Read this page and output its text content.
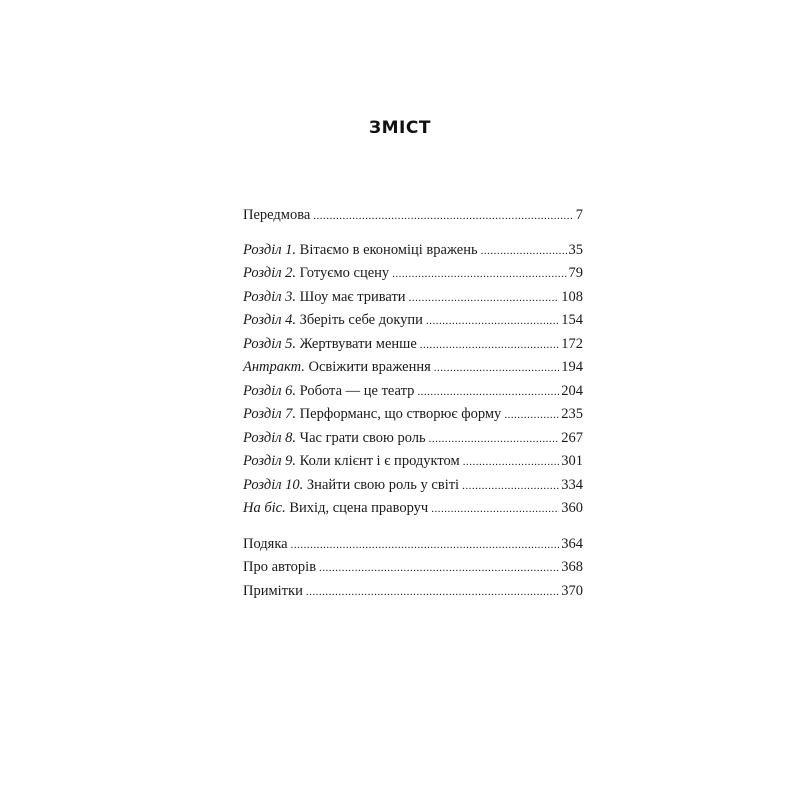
ЗМІСТ
Передмова .....	7
Розділ 1. Вітаємо в економіці вражень .....	35
Розділ 2. Готуємо сцену .....	79
Розділ 3. Шоу має тривати .....	108
Розділ 4. Зберіть себе докупи .....	154
Розділ 5. Жертвувати менше .....	172
Антракт. Освіжити враження .....	194
Розділ 6. Робота — це театр .....	204
Розділ 7. Перформанс, що створює форму .....	235
Розділ 8. Час грати свою роль .....	267
Розділ 9. Коли клієнт і є продуктом .....	301
Розділ 10. Знайти свою роль у світі .....	334
На біс. Вихід, сцена праворуч .....	360
Подяка .....	364
Про авторів .....	368
Примітки .....	370
